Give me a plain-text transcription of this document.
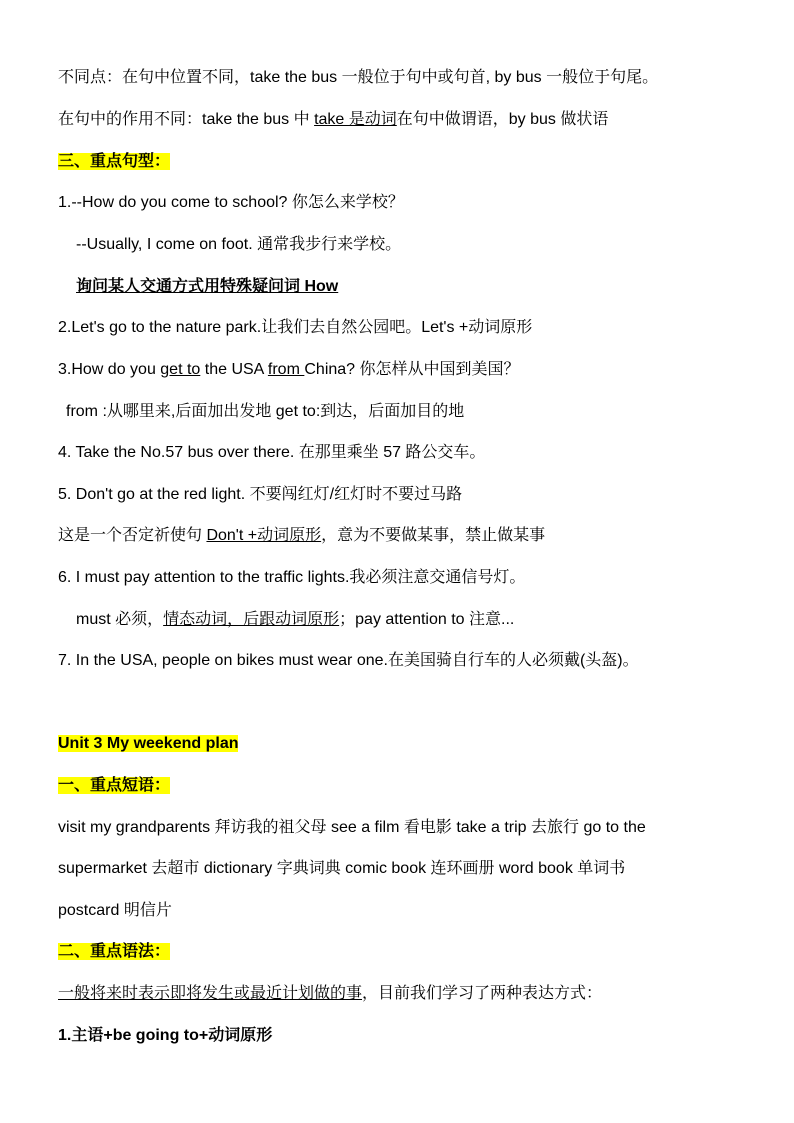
不同点：在句中位置不同，take the bus 一般位于句中或句首, by bus 一般位于句尾。
在句中的作用不同：take the bus 中 take 是动词在句中做谓语，by bus 做状语
三、重点句型：
1.--How do you come to school? 你怎么来学校？
--Usually, I come on foot. 通常我步行来学校。
询问某人交通方式用特殊疑问词 How
2.Let's go to the nature park.让我们去自然公园吧。Let's +动词原形
3.How do you get to the USA from China? 你怎样从中国到美国？
from :从哪里来,后面加出发地 get to:到达，后面加目的地
4. Take the No.57 bus over there. 在那里乘坐 57 路公交车。
5. Don't go at the red light. 不要闯红灯/红灯时不要过马路
这是一个否定祈使句 Don't +动词原形，意为不要做某事，禁止做某事
6. I must pay attention to the traffic lights.我必须注意交通信号灯。
must 必须，情态动词，后跟动词原形；pay attention to 注意...
7. In the USA, people on bikes must wear one.在美国骑自行车的人必须戴(头盔)。
Unit 3 My weekend plan
一、重点短语：
visit my grandparents 拜访我的祖父母 see a film 看电影 take a trip 去旅行 go to the
supermarket 去超市 dictionary 字典词典 comic book 连环画册 word book 单词书
postcard 明信片
二、重点语法：
一般将来时表示即将发生或最近计划做的事，目前我们学习了两种表达方式：
1.主语+be going to+动词原形
